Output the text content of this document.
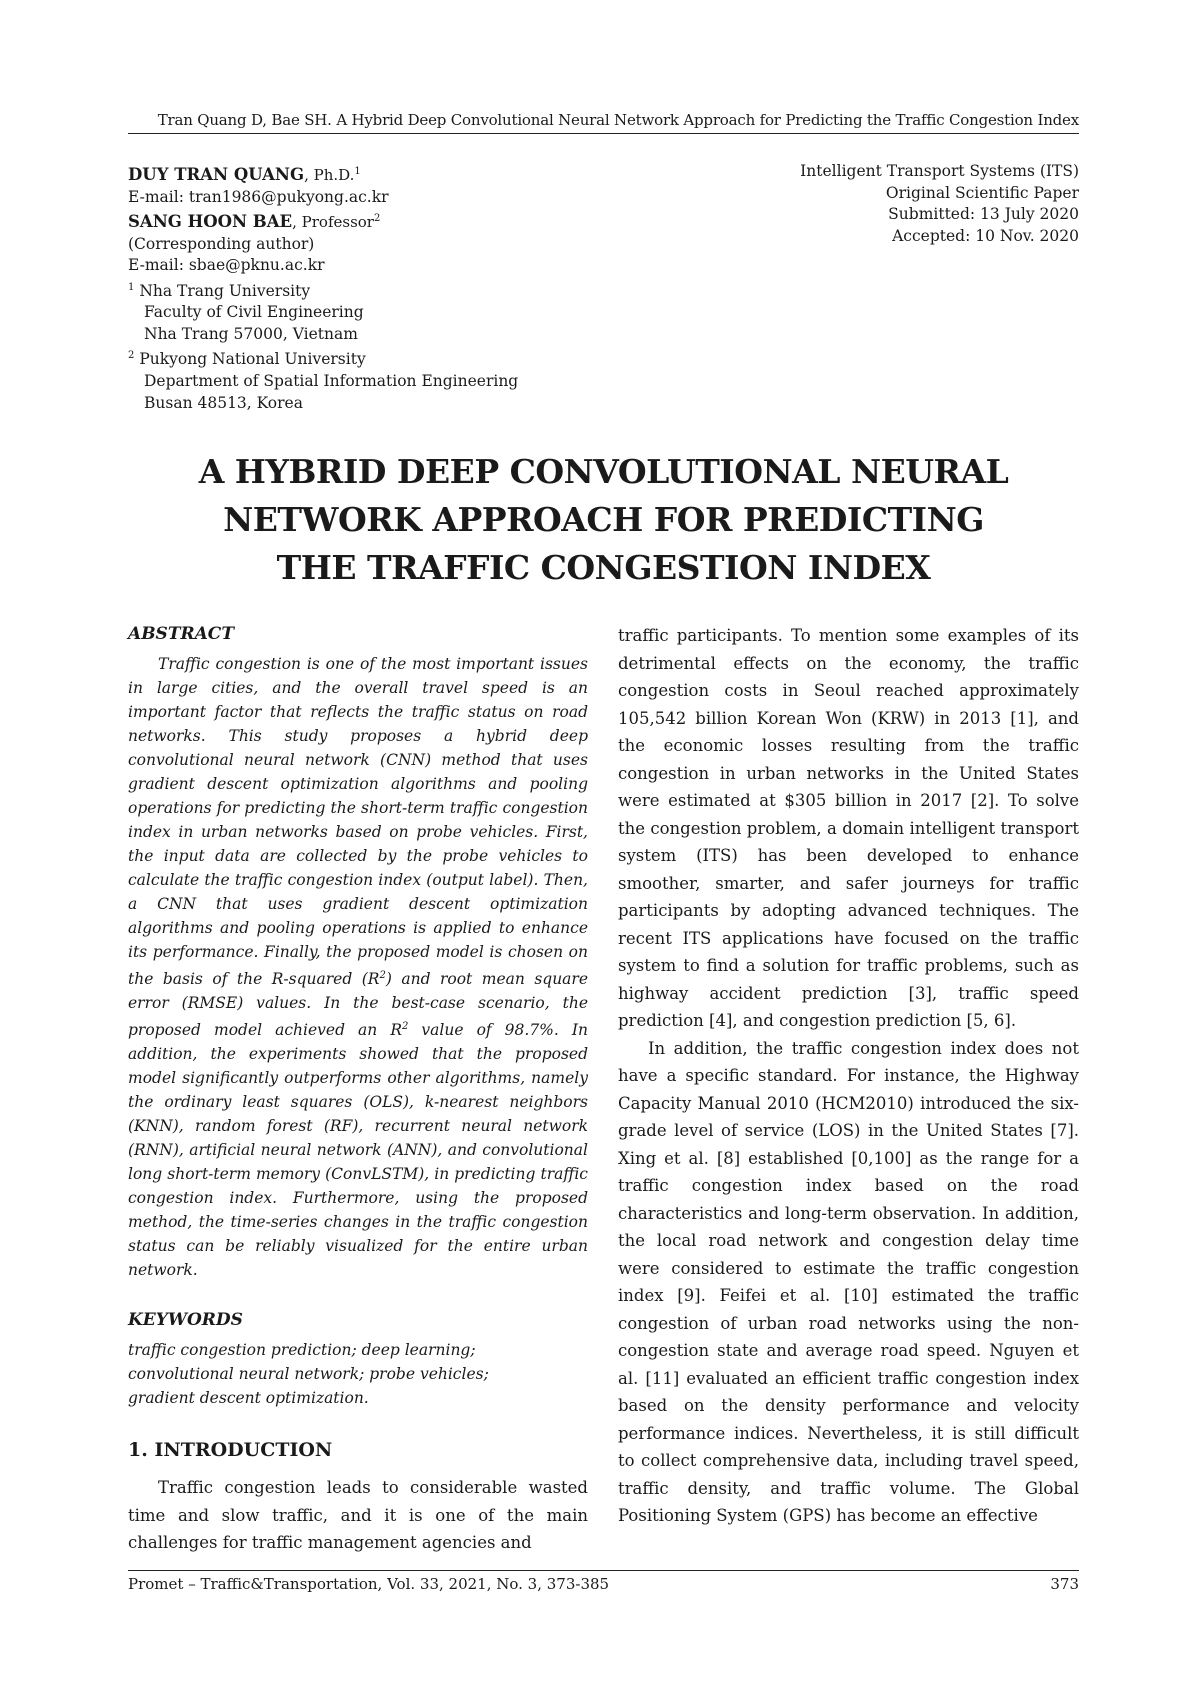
Tran Quang D, Bae SH. A Hybrid Deep Convolutional Neural Network Approach for Predicting the Traffic Congestion Index
DUY TRAN QUANG, Ph.D.$^1$
E-mail: tran1986@pukyong.ac.kr
SANG HOON BAE, Professor$^2$
(Corresponding author)
E-mail: sbae@pknu.ac.kr
$^1$ Nha Trang University
Faculty of Civil Engineering
Nha Trang 57000, Vietnam
$^2$ Pukyong National University
Department of Spatial Information Engineering
Busan 48513, Korea
Intelligent Transport Systems (ITS)
Original Scientific Paper
Submitted: 13 July 2020
Accepted: 10 Nov. 2020
A HYBRID DEEP CONVOLUTIONAL NEURAL
NETWORK APPROACH FOR PREDICTING
THE TRAFFIC CONGESTION INDEX
ABSTRACT

Traffic congestion is one of the most important issues in large cities, and the overall travel speed is an important factor that reflects the traffic status on road networks. This study proposes a hybrid deep convolutional neural network (CNN) method that uses gradient descent optimization algorithms and pooling operations for predicting the short-term traffic congestion index in urban networks based on probe vehicles. First, the input data are collected by the probe vehicles to calculate the traffic congestion index (output label). Then, a CNN that uses gradient descent optimization algorithms and pooling operations is applied to enhance its performance. Finally, the proposed model is chosen on the basis of the R-squared $(R^2)$ and root mean square error (RMSE) values. In the best-case scenario, the proposed model achieved an $R^2$ value of 98.7%. In addition, the experiments showed that the proposed model significantly outperforms other algorithms, namely the ordinary least squares (OLS), k-nearest neighbors (KNN), random forest (RF), recurrent neural network (RNN), artificial neural network (ANN), and convolutional long short-term memory (ConvLSTM), in predicting traffic congestion index. Furthermore, using the proposed method, the time-series changes in the traffic congestion status can be reliably visualized for the entire urban network.

KEYWORDS
traffic congestion prediction; deep learning;
convolutional neural network; probe vehicles;
gradient descent optimization.
1. INTRODUCTION

Traffic congestion leads to considerable wasted time and slow traffic, and it is one of the main challenges for traffic management agencies and

traffic participants. To mention some examples of its detrimental effects on the economy, the traffic congestion costs in Seoul reached approximately 105,542 billion Korean Won (KRW) in 2013 [1], and the economic losses resulting from the traffic congestion in urban networks in the United States were estimated at $305 billion in 2017 [2]. To solve the congestion problem, a domain intelligent transport system (ITS) has been developed to enhance smoother, smarter, and safer journeys for traffic participants by adopting advanced techniques. The recent ITS applications have focused on the traffic system to find a solution for traffic problems, such as highway accident prediction [3], traffic speed prediction [4], and congestion prediction [5, 6].

In addition, the traffic congestion index does not have a specific standard. For instance, the Highway Capacity Manual 2010 (HCM2010) introduced the six-grade level of service (LOS) in the United States [7]. Xing et al. [8] established [0,100] as the range for a traffic congestion index based on the road characteristics and long-term observation. In addition, the local road network and congestion delay time were considered to estimate the traffic congestion index [9]. Feifei et al. [10] estimated the traffic congestion of urban road networks using the non-congestion state and average road speed. Nguyen et al. [11] evaluated an efficient traffic congestion index based on the density performance and velocity performance indices. Nevertheless, it is still difficult to collect comprehensive data, including travel speed, traffic density, and traffic volume. The Global Positioning System (GPS) has become an effective

Promet – Traffic&Transportation, Vol. 33, 2021, No. 3, 373-385	373
